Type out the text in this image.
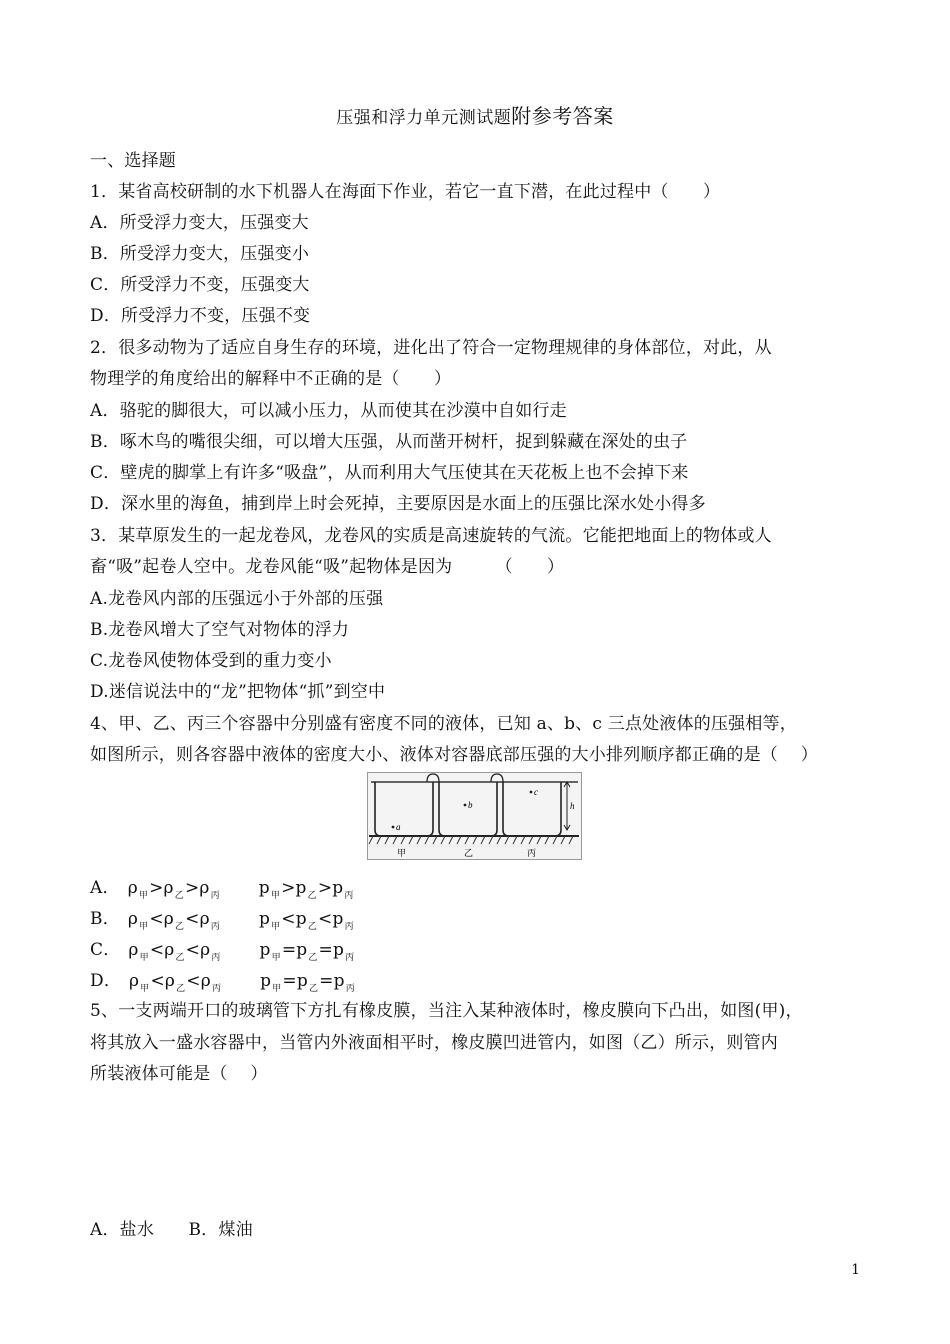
压强和浮力单元测试题附参考答案
一、选择题
1．某省高校研制的水下机器人在海面下作业，若它一直下潜，在此过程中（　　）
A．所受浮力变大，压强变大
B．所受浮力变大，压强变小
C．所受浮力不变，压强变大
D．所受浮力不变，压强不变
2．很多动物为了适应自身生存的环境，进化出了符合一定物理规律的身体部位，对此，从
物理学的角度给出的解释中不正确的是（　　）
A．骆驼的脚很大，可以减小压力，从而使其在沙漠中自如行走
B．啄木鸟的嘴很尖细，可以增大压强，从而凿开树杆，捉到躲藏在深处的虫子
C．壁虎的脚掌上有许多“吸盘”，从而利用大气压使其在天花板上也不会掉下来
D．深水里的海鱼，捕到岸上时会死掉，主要原因是水面上的压强比深水处小得多
3．某草原发生的一起龙卷风，龙卷风的实质是高速旋转的气流。它能把地面上的物体或人
畜“吸”起卷人空中。龙卷风能“吸”起物体是因为　　　（　　）
A.龙卷风内部的压强远小于外部的压强
B.龙卷风增大了空气对物体的浮力
C.龙卷风使物体受到的重力变小
D.迷信说法中的“龙”把物体“抓”到空中
4、甲、乙、丙三个容器中分别盛有密度不同的液体，已知 a、b、c 三点处液体的压强相等，
如图所示，则各容器中液体的密度大小、液体对容器底部压强的大小排列顺序都正确的是（　 ）
a
b
c
h
甲	乙	丙
A． ρ甲>ρ乙>ρ丙 p甲>p乙>p丙
B． ρ甲<ρ乙<ρ丙 p甲<p乙<p丙
C． ρ甲<ρ乙<ρ丙 p甲=p乙=p丙
D． ρ甲<ρ乙<ρ丙 p甲=p乙=p丙
5、一支两端开口的玻璃管下方扎有橡皮膜，当注入某种液体时，橡皮膜向下凸出，如图(甲)，
将其放入一盛水容器中，当管内外液面相平时，橡皮膜凹进管内，如图（乙）所示，则管内
所装液体可能是（　 ）
A．盐水　　B．煤油
1
